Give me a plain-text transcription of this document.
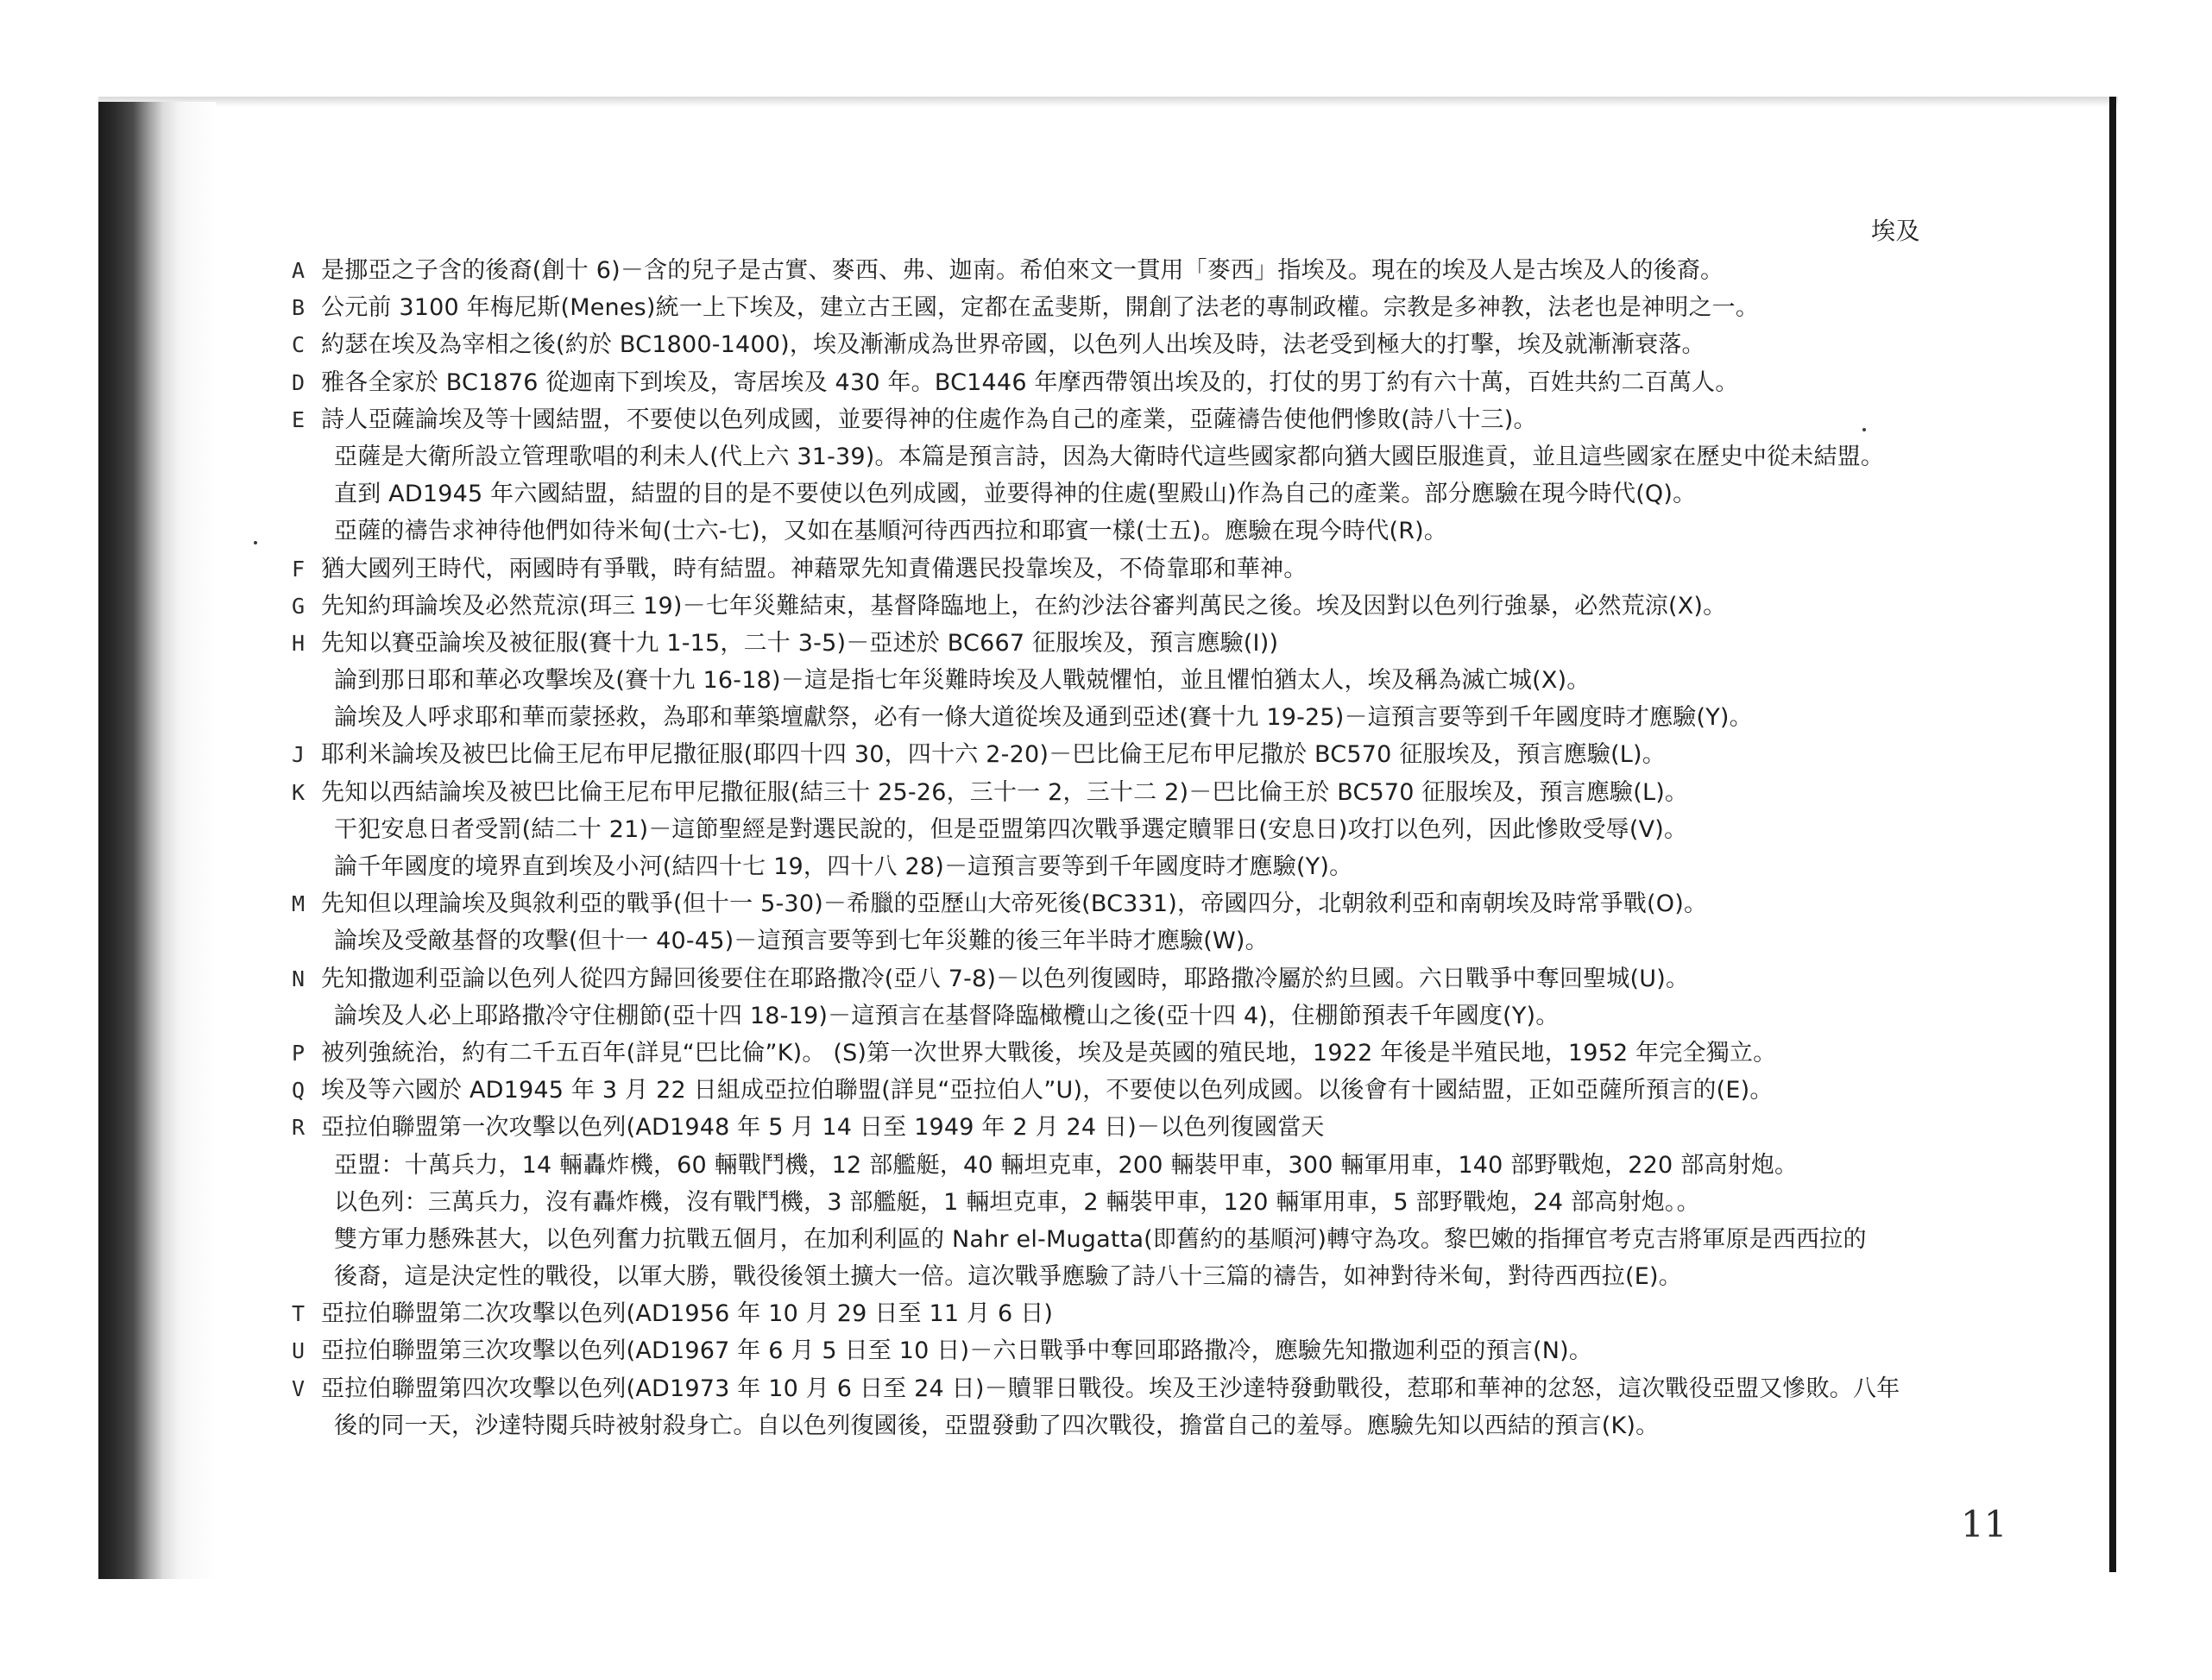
埃及
A 是挪亞之子含的後裔(創十 6)－含的兒子是古實、麥西、弗、迦南。希伯來文一貫用「麥西」指埃及。現在的埃及人是古埃及人的後裔。
B 公元前 3100 年梅尼斯(Menes)統一上下埃及，建立古王國，定都在孟斐斯，開創了法老的專制政權。宗教是多神教，法老也是神明之一。
C 約瑟在埃及為宰相之後(約於 BC1800-1400)，埃及漸漸成為世界帝國，以色列人出埃及時，法老受到極大的打擊，埃及就漸漸衰落。
D 雅各全家於 BC1876 從迦南下到埃及，寄居埃及 430 年。BC1446 年摩西帶領出埃及的，打仗的男丁約有六十萬，百姓共約二百萬人。
E 詩人亞薩論埃及等十國結盟，不要使以色列成國，並要得神的住處作為自己的產業，亞薩禱告使他們慘敗(詩八十三)。
亞薩是大衛所設立管理歌唱的利未人(代上六 31-39)。本篇是預言詩，因為大衛時代這些國家都向猶大國臣服進貢，並且這些國家在歷史中從未結盟。
直到 AD1945 年六國結盟，結盟的目的是不要使以色列成國，並要得神的住處(聖殿山)作為自己的產業。部分應驗在現今時代(Q)。
亞薩的禱告求神待他們如待米甸(士六-七)，又如在基順河待西西拉和耶賓一樣(士五)。應驗在現今時代(R)。
F 猶大國列王時代，兩國時有爭戰，時有結盟。神藉眾先知責備選民投靠埃及，不倚靠耶和華神。
G 先知約珥論埃及必然荒涼(珥三 19)－七年災難結束，基督降臨地上，在約沙法谷審判萬民之後。埃及因對以色列行強暴，必然荒涼(X)。
H 先知以賽亞論埃及被征服(賽十九 1-15，二十 3-5)－亞述於 BC667 征服埃及，預言應驗(I))
論到那日耶和華必攻擊埃及(賽十九 16-18)－這是指七年災難時埃及人戰兢懼怕，並且懼怕猶太人，埃及稱為滅亡城(X)。
論埃及人呼求耶和華而蒙拯救，為耶和華築壇獻祭，必有一條大道從埃及通到亞述(賽十九 19-25)－這預言要等到千年國度時才應驗(Y)。
J 耶利米論埃及被巴比倫王尼布甲尼撒征服(耶四十四 30，四十六 2-20)－巴比倫王尼布甲尼撒於 BC570 征服埃及，預言應驗(L)。
K 先知以西結論埃及被巴比倫王尼布甲尼撒征服(結三十 25-26，三十一 2，三十二 2)－巴比倫王於 BC570 征服埃及，預言應驗(L)。
干犯安息日者受罰(結二十 21)－這節聖經是對選民說的，但是亞盟第四次戰爭選定贖罪日(安息日)攻打以色列，因此慘敗受辱(V)。
論千年國度的境界直到埃及小河(結四十七 19，四十八 28)－這預言要等到千年國度時才應驗(Y)。
M 先知但以理論埃及與敘利亞的戰爭(但十一 5-30)－希臘的亞歷山大帝死後(BC331)，帝國四分，北朝敘利亞和南朝埃及時常爭戰(O)。
論埃及受敵基督的攻擊(但十一 40-45)－這預言要等到七年災難的後三年半時才應驗(W)。
N 先知撒迦利亞論以色列人從四方歸回後要住在耶路撒冷(亞八 7-8)－以色列復國時，耶路撒冷屬於約旦國。六日戰爭中奪回聖城(U)。
論埃及人必上耶路撒冷守住棚節(亞十四 18-19)－這預言在基督降臨橄欖山之後(亞十四 4)，住棚節預表千年國度(Y)。
P 被列強統治，約有二千五百年(詳見“巴比倫”K)。 (S)第一次世界大戰後，埃及是英國的殖民地，1922 年後是半殖民地，1952 年完全獨立。
Q 埃及等六國於 AD1945 年 3 月 22 日組成亞拉伯聯盟(詳見“亞拉伯人”U)，不要使以色列成國。以後會有十國結盟，正如亞薩所預言的(E)。
R 亞拉伯聯盟第一次攻擊以色列(AD1948 年 5 月 14 日至 1949 年 2 月 24 日)－以色列復國當天
亞盟：十萬兵力，14 輛轟炸機，60 輛戰鬥機，12 部艦艇，40 輛坦克車，200 輛裝甲車，300 輛軍用車，140 部野戰炮，220 部高射炮。
以色列：三萬兵力，沒有轟炸機，沒有戰鬥機，3 部艦艇，1 輛坦克車，2 輛裝甲車，120 輛軍用車，5 部野戰炮，24 部高射炮。。
雙方軍力懸殊甚大，以色列奮力抗戰五個月，在加利利區的 Nahr el-Mugatta(即舊約的基順河)轉守為攻。黎巴嫩的指揮官考克吉將軍原是西西拉的
後裔，這是決定性的戰役，以軍大勝，戰役後領土擴大一倍。這次戰爭應驗了詩八十三篇的禱告，如神對待米甸，對待西西拉(E)。
T 亞拉伯聯盟第二次攻擊以色列(AD1956 年 10 月 29 日至 11 月 6 日)
U 亞拉伯聯盟第三次攻擊以色列(AD1967 年 6 月 5 日至 10 日)－六日戰爭中奪回耶路撒冷，應驗先知撒迦利亞的預言(N)。
V 亞拉伯聯盟第四次攻擊以色列(AD1973 年 10 月 6 日至 24 日)－贖罪日戰役。埃及王沙達特發動戰役，惹耶和華神的忿怒，這次戰役亞盟又慘敗。八年
後的同一天，沙達特閱兵時被射殺身亡。自以色列復國後，亞盟發動了四次戰役，擔當自己的羞辱。應驗先知以西結的預言(K)。
11
